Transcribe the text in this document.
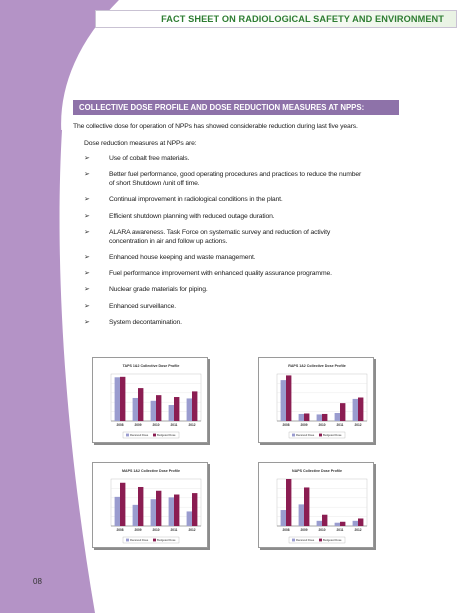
FACT SHEET ON RADIOLOGICAL SAFETY AND ENVIRONMENT
COLLECTIVE DOSE PROFILE AND DOSE REDUCTION MEASURES AT NPPS:
The collective dose for operation of NPPs has showed considerable reduction during last five years.
Dose reduction measures at NPPs are:
➢	Use of cobalt free materials.
➢	Better fuel performance, good operating procedures and practices to reduce the number
of short Shutdown /unit off time.
➢	Continual improvement in radiological conditions in the plant.
➢	Efficient shutdown planning with reduced outage duration.
➢	ALARA awareness. Task Force on systematic survey and reduction of activity
concentration in air and follow up actions.
➢	Enhanced house keeping and waste management.
➢	Fuel performance improvement with enhanced quality assurance programme.
➢	Nuclear grade materials for piping.
➢	Enhanced surveillance.
➢	System decontamination.
TAPS 1&2 Collective Dose Profile
2008	2009	2010	2011	2012
Received Dose	Budgeted Dose
RAPS 1&2 Collective Dose Profile
2008	2009	2010	2011	2012
Received Dose	Budgeted Dose
MAPS 1&2 Collective Dose Profile
2008	2009	2010	2011	2012
Received Dose	Budgeted Dose
NAPS Collective Dose Profile
2008	2009	2010	2011	2012
Received Dose	Budgeted Dose
08
